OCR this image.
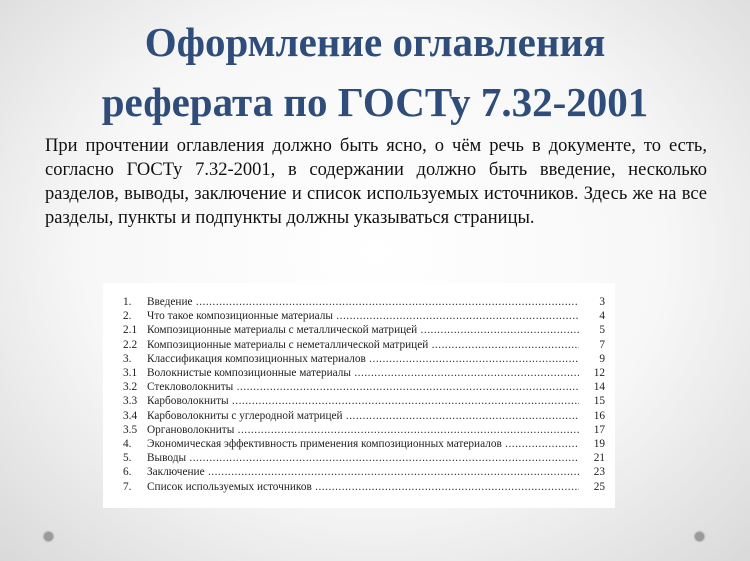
Оформление оглавления
реферата по ГОСТу 7.32-2001
При прочтении оглавления должно быть ясно, о чём речь в документе, то есть, согласно ГОСТу 7.32-2001, в содержании должно быть введение, несколько разделов, выводы, заключение и список используемых источников. Здесь же на все разделы, пункты и подпункты должны указываться страницы.
1.	Введение .....	3
2.	Что такое композиционные материалы .....	4
2.1 Композиционные материалы с металлической матрицей .....	5
2.2 Композиционные материалы с неметаллической матрицей .....	7
3.	Классификация композиционных материалов .....	9
3.1 Волокнистые композиционные материалы .....	12
3.2 Стекловолокниты .....	14
3.3 Карбоволокниты .....	15
3.4 Карбоволокниты с углеродной матрицей .....	16
3.5 Органоволокниты .....	17
4.	Экономическая эффективность применения композиционных материалов .....	19
5.	Выводы .....	21
6.	Заключение .....	23
7.	Список используемых источников .....	25
